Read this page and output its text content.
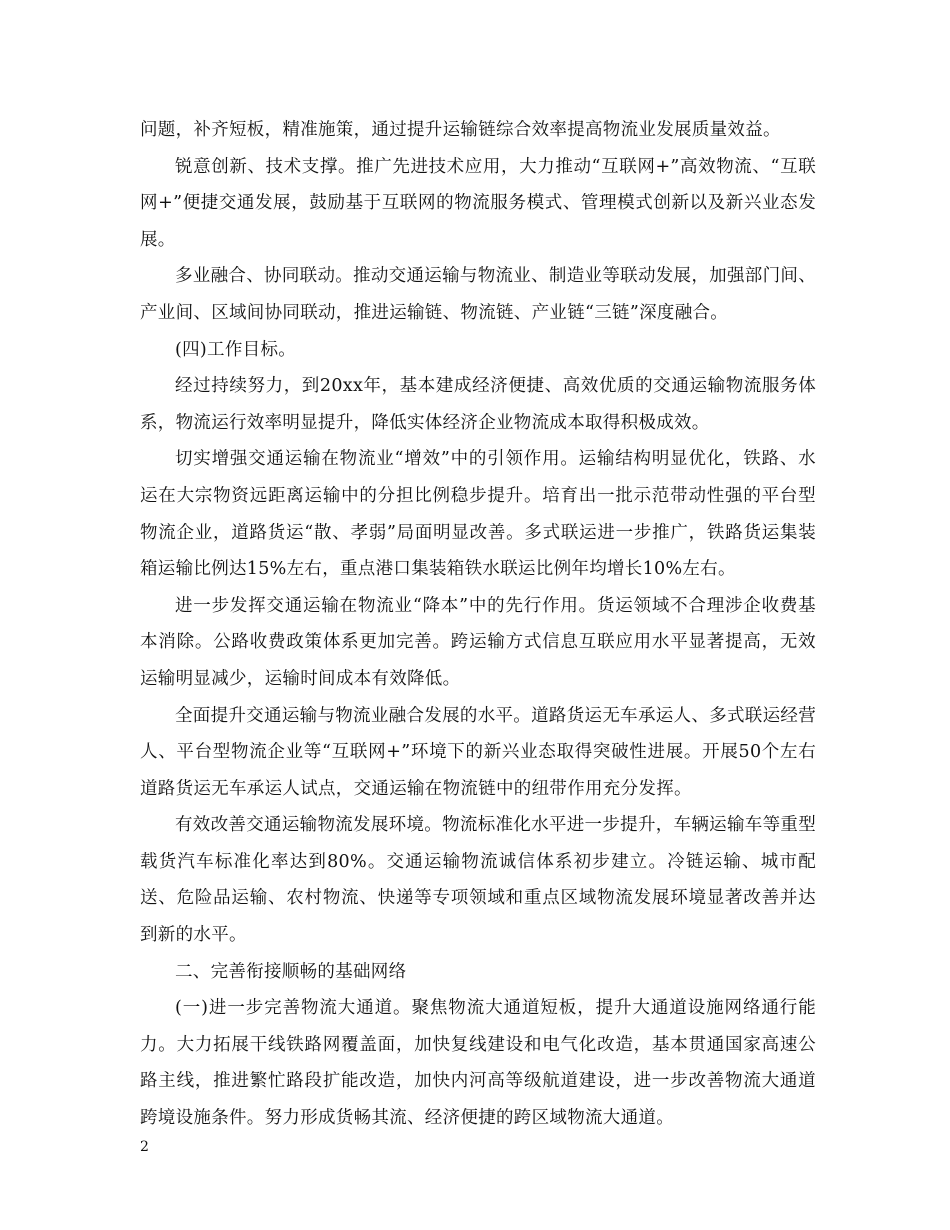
问题，补齐短板，精准施策，通过提升运输链综合效率提高物流业发展质量效益。

锐意创新、技术支撑。推广先进技术应用，大力推动“互联网+”高效物流、“互联网+”便捷交通发展，鼓励基于互联网的物流服务模式、管理模式创新以及新兴业态发展。

多业融合、协同联动。推动交通运输与物流业、制造业等联动发展，加强部门间、产业间、区域间协同联动，推进运输链、物流链、产业链“三链”深度融合。

(四)工作目标。

经过持续努力，到20xx年，基本建成经济便捷、高效优质的交通运输物流服务体系，物流运行效率明显提升，降低实体经济企业物流成本取得积极成效。

切实增强交通运输在物流业“增效”中的引领作用。运输结构明显优化，铁路、水运在大宗物资远距离运输中的分担比例稳步提升。培育出一批示范带动性强的平台型物流企业，道路货运“散、孝弱”局面明显改善。多式联运进一步推广，铁路货运集装箱运输比例达15%左右，重点港口集装箱铁水联运比例年均增长10%左右。

进一步发挥交通运输在物流业“降本”中的先行作用。货运领域不合理涉企收费基本消除。公路收费政策体系更加完善。跨运输方式信息互联应用水平显著提高，无效运输明显减少，运输时间成本有效降低。

全面提升交通运输与物流业融合发展的水平。道路货运无车承运人、多式联运经营人、平台型物流企业等“互联网+”环境下的新兴业态取得突破性进展。开展50个左右道路货运无车承运人试点，交通运输在物流链中的纽带作用充分发挥。

有效改善交通运输物流发展环境。物流标准化水平进一步提升，车辆运输车等重型载货汽车标准化率达到80%。交通运输物流诚信体系初步建立。冷链运输、城市配送、危险品运输、农村物流、快递等专项领域和重点区域物流发展环境显著改善并达到新的水平。

二、完善衔接顺畅的基础网络

(一)进一步完善物流大通道。聚焦物流大通道短板，提升大通道设施网络通行能力。大力拓展干线铁路网覆盖面，加快复线建设和电气化改造，基本贯通国家高速公路主线，推进繁忙路段扩能改造，加快内河高等级航道建设，进一步改善物流大通道跨境设施条件。努力形成货畅其流、经济便捷的跨区域物流大通道。

2
